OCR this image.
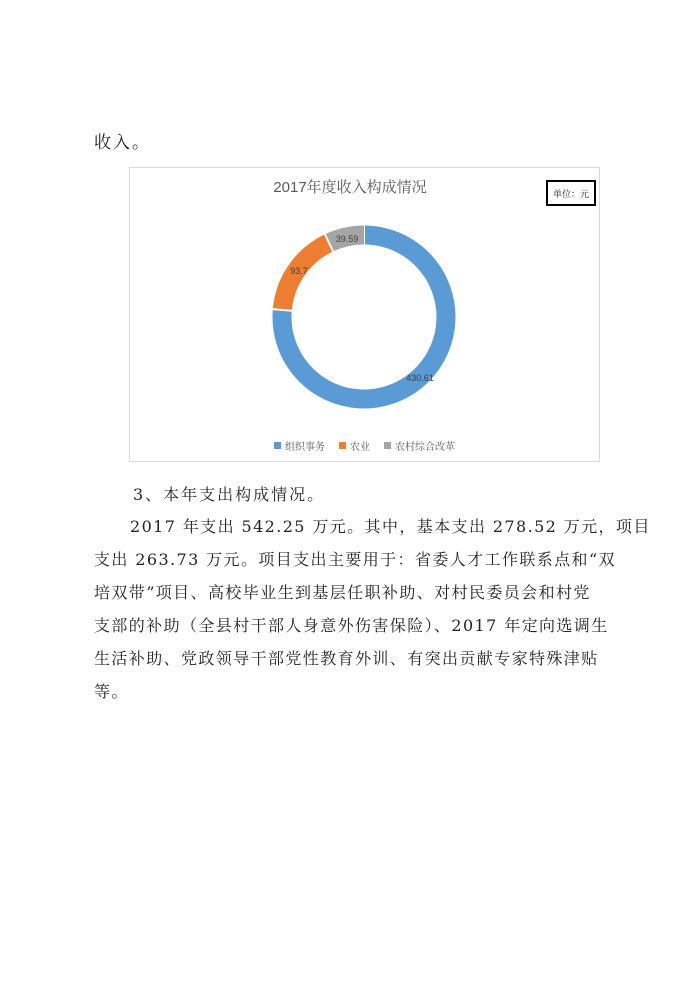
收入。
2017年度收入构成情况	单位：元
430.61
93.7
39.59
组织事务	农业	农村综合改革
3、本年支出构成情况。
2017 年支出 542.25 万元。其中，基本支出 278.52 万元，项目
支出 263.73 万元。项目支出主要用于：省委人才工作联系点和“双
培双带”项目、高校毕业生到基层任职补助、对村民委员会和村党
支部的补助（全县村干部人身意外伤害保险）、2017 年定向选调生
生活补助、党政领导干部党性教育外训、有突出贡献专家特殊津贴
等。
